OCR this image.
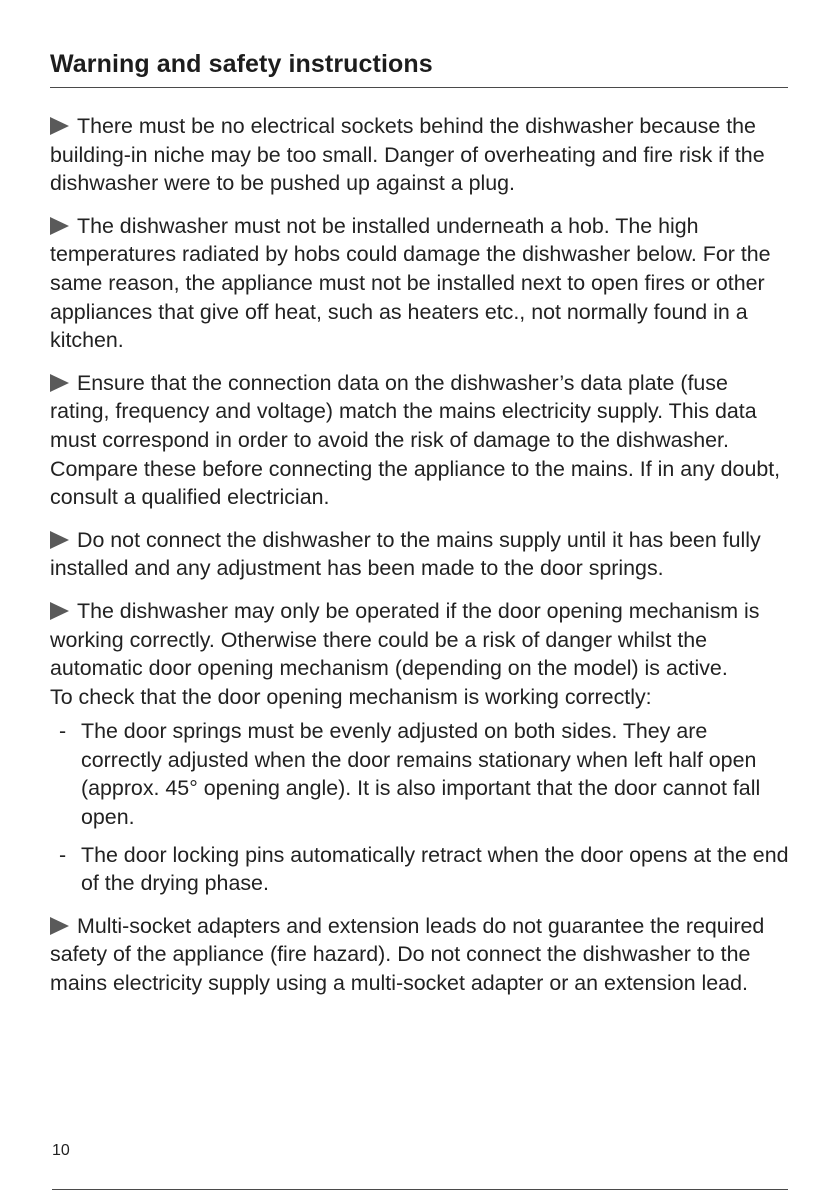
Warning and safety instructions

There must be no electrical sockets behind the dishwasher because the building-in niche may be too small. Danger of overheating and fire risk if the dishwasher were to be pushed up against a plug.

The dishwasher must not be installed underneath a hob. The high temperatures radiated by hobs could damage the dishwasher below. For the same reason, the appliance must not be installed next to open fires or other appliances that give off heat, such as heaters etc., not normally found in a kitchen.

Ensure that the connection data on the dishwasher’s data plate (fuse rating, frequency and voltage) match the mains electricity supply. This data must correspond in order to avoid the risk of damage to the dishwasher. Compare these before connecting the appliance to the mains. If in any doubt, consult a qualified electrician.

Do not connect the dishwasher to the mains supply until it has been fully installed and any adjustment has been made to the door springs.

The dishwasher may only be operated if the door opening mechanism is working correctly. Otherwise there could be a risk of danger whilst the automatic door opening mechanism (depending on the model) is active.

To check that the door opening mechanism is working correctly:

- The door springs must be evenly adjusted on both sides. They are correctly adjusted when the door remains stationary when left half open (approx. 45° opening angle). It is also important that the door cannot fall open.
- The door locking pins automatically retract when the door opens at the end of the drying phase.

Multi-socket adapters and extension leads do not guarantee the required safety of the appliance (fire hazard). Do not connect the dishwasher to the mains electricity supply using a multi-socket adapter or an extension lead.

10
